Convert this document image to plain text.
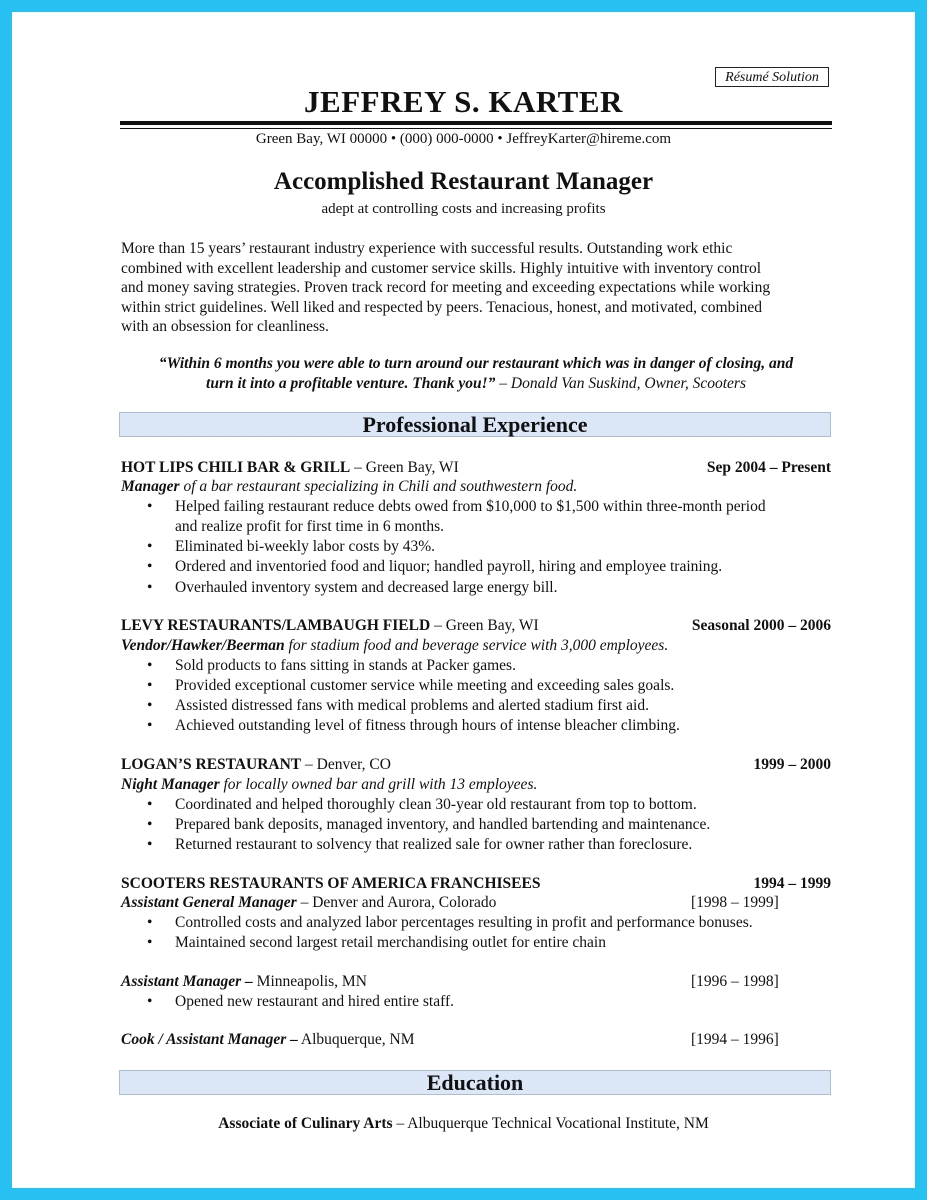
Résumé Solution
JEFFREY S. KARTER
Green Bay, WI 00000 • (000) 000-0000 • JeffreyKarter@hireme.com
Accomplished Restaurant Manager
adept at controlling costs and increasing profits
More than 15 years’ restaurant industry experience with successful results. Outstanding work ethic
combined with excellent leadership and customer service skills. Highly intuitive with inventory control
and money saving strategies. Proven track record for meeting and exceeding expectations while working
within strict guidelines. Well liked and respected by peers. Tenacious, honest, and motivated, combined
with an obsession for cleanliness.
“Within 6 months you were able to turn around our restaurant which was in danger of closing, and
turn it into a profitable venture. Thank you!” – Donald Van Suskind, Owner, Scooters
Professional Experience
HOT LIPS CHILI BAR & GRILL – Green Bay, WI	Sep 2004 – Present
Manager of a bar restaurant specializing in Chili and southwestern food.
• Helped failing restaurant reduce debts owed from $10,000 to $1,500 within three-month period
and realize profit for first time in 6 months.
• Eliminated bi-weekly labor costs by 43%.
• Ordered and inventoried food and liquor; handled payroll, hiring and employee training.
• Overhauled inventory system and decreased large energy bill.
LEVY RESTAURANTS/LAMBAUGH FIELD – Green Bay, WI	Seasonal 2000 – 2006
Vendor/Hawker/Beerman for stadium food and beverage service with 3,000 employees.
• Sold products to fans sitting in stands at Packer games.
• Provided exceptional customer service while meeting and exceeding sales goals.
• Assisted distressed fans with medical problems and alerted stadium first aid.
• Achieved outstanding level of fitness through hours of intense bleacher climbing.
LOGAN’S RESTAURANT – Denver, CO	1999 – 2000
Night Manager for locally owned bar and grill with 13 employees.
• Coordinated and helped thoroughly clean 30-year old restaurant from top to bottom.
• Prepared bank deposits, managed inventory, and handled bartending and maintenance.
• Returned restaurant to solvency that realized sale for owner rather than foreclosure.
SCOOTERS RESTAURANTS OF AMERICA FRANCHISEES	1994 – 1999
Assistant General Manager – Denver and Aurora, Colorado	[1998 – 1999]
• Controlled costs and analyzed labor percentages resulting in profit and performance bonuses.
• Maintained second largest retail merchandising outlet for entire chain
Assistant Manager – Minneapolis, MN	[1996 – 1998]
• Opened new restaurant and hired entire staff.
Cook / Assistant Manager – Albuquerque, NM	[1994 – 1996]
Education
Associate of Culinary Arts – Albuquerque Technical Vocational Institute, NM
